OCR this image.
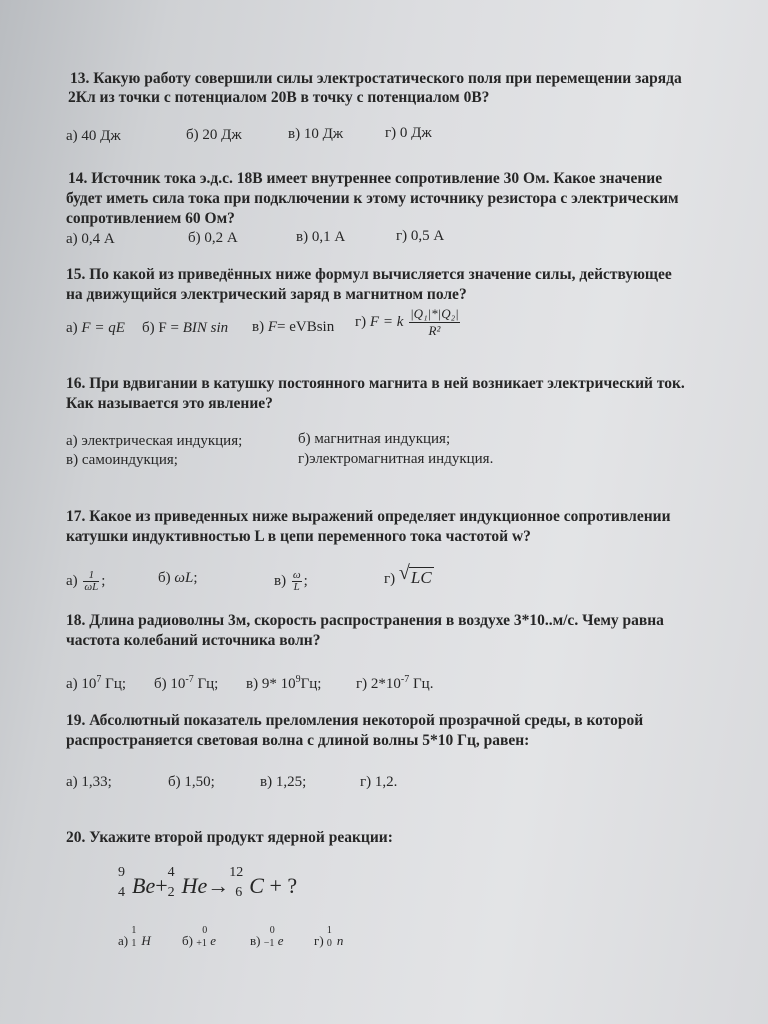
13. Какую работу совершили силы электростатического поля при перемещении заряда
2Кл из точки с потенциалом 20В в точку с потенциалом 0В?
а) 40 Дж	б) 20 Дж	в) 10 Дж	г) 0 Дж
14. Источник тока э.д.с. 18В имеет внутреннее сопротивление 30 Ом. Какое значение
будет иметь сила тока при подключении к этому источнику резистора с электрическим
сопротивлением 60 Ом?
а) 0,4 А	б) 0,2 А	в) 0,1 А	г) 0,5 А
15. По какой из приведённых ниже формул вычисляется значение силы, действующее
на движущийся электрический заряд в магнитном поле?
а) F = qE б) F = BIN sin в) F= eVBsin г) F = k $\frac{\text{|Q₁|*|Q₂|}}{\text{R²}}$
16. При вдвигании в катушку постоянного магнита в ней возникает электрический ток.
Как называется это явление?
а) электрическая индукция;	б) магнитная индукция;
в) самоиндукция;	г)электромагнитная индукция.
17. Какое из приведенных ниже выражений определяет индукционное сопротивлении
катушки индуктивностью L в цепи переменного тока частотой w?
$а) \frac{1}{\omega L}$ ;	б) ωL;	$в) \frac{\omega}{L}$ ;	г) √ LC
18. Длина радиоволны 3м, скорость распространения в воздухе 3*10..м/с. Чему равна
частота колебаний источника волн?
а) $10^7$ Гц; б) $10^{-7}$ Гц; в) 9* $10^9Гц$; г) $2*10^{-7}$ Гц.
19. Абсолютный показатель преломления некоторой прозрачной среды, в которой
распространяется световая волна с длиной волны 5*10 Гц, равен:
а) 1,33;	б) 1,50;	в) 1,25;	г) 1,2.
20. Укажите второй продукт ядерной реакции:
9
4 Be+
4
2 He→
12
6 C + ?
а)
1
1 H б)
0
+1 e	в)
0
−1 e г)
1
0 n
